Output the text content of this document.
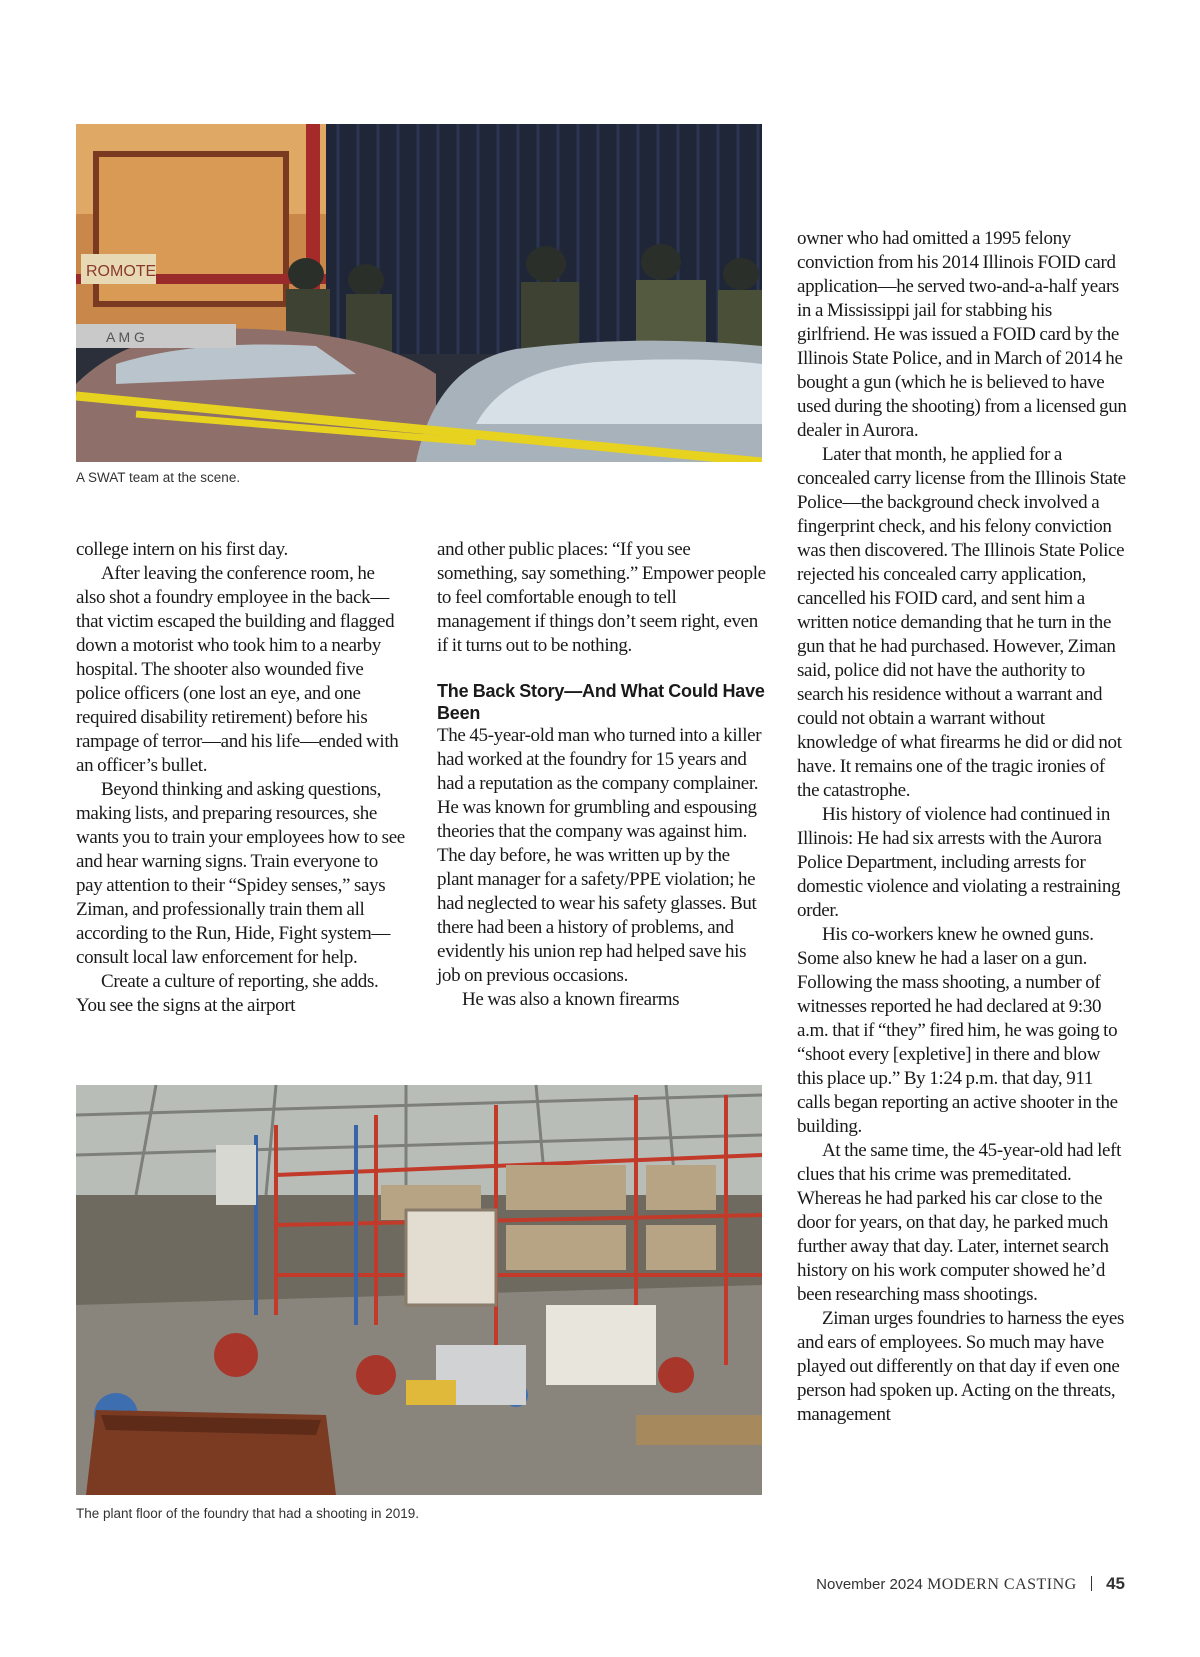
ROMOTE
A M G

A SWAT team at the scene.

college intern on his first day.

After leaving the conference room, he also shot a foundry employee in the back—that victim escaped the building and flagged down a motorist who took him to a nearby hospital. The shooter also wounded five police officers (one lost an eye, and one required disability retirement) before his rampage of terror—and his life—ended with an officer’s bullet.

Beyond thinking and asking questions, making lists, and preparing resources, she wants you to train your employees how to see and hear warning signs. Train everyone to pay attention to their “Spidey senses,” says Ziman, and professionally train them all according to the Run, Hide, Fight system—consult local law enforcement for help.

Create a culture of reporting, she adds. You see the signs at the airport

and other public places: “If you see something, say something.” Empower people to feel comfortable enough to tell management if things don’t seem right, even if it turns out to be nothing.

The Back Story—And What Could Have Been

The 45-year-old man who turned into a killer had worked at the foundry for 15 years and had a reputation as the company complainer. He was known for grumbling and espousing theories that the company was against him. The day before, he was written up by the plant manager for a safety/PPE violation; he had neglected to wear his safety glasses. But there had been a history of problems, and evidently his union rep had helped save his job on previous occasions.

He was also a known firearms

The plant floor of the foundry that had a shooting in 2019.

owner who had omitted a 1995 felony conviction from his 2014 Illinois FOID card application—he served two-and-a-half years in a Mississippi jail for stabbing his girlfriend. He was issued a FOID card by the Illinois State Police, and in March of 2014 he bought a gun (which he is believed to have used during the shooting) from a licensed gun dealer in Aurora.

Later that month, he applied for a concealed carry license from the Illinois State Police—the background check involved a fingerprint check, and his felony conviction was then discovered. The Illinois State Police rejected his concealed carry application, cancelled his FOID card, and sent him a written notice demanding that he turn in the gun that he had purchased. However, Ziman said, police did not have the authority to search his residence without a warrant and could not obtain a warrant without knowledge of what firearms he did or did not have. It remains one of the tragic ironies of the catastrophe.

His history of violence had continued in Illinois: He had six arrests with the Aurora Police Department, including arrests for domestic violence and violating a restraining order.

His co-workers knew he owned guns. Some also knew he had a laser on a gun. Following the mass shooting, a number of witnesses reported he had declared at 9:30 a.m. that if “they” fired him, he was going to “shoot every [expletive] in there and blow this place up.” By 1:24 p.m. that day, 911 calls began reporting an active shooter in the building.

At the same time, the 45-year-old had left clues that his crime was premeditated. Whereas he had parked his car close to the door for years, on that day, he parked much further away that day. Later, internet search history on his work computer showed he’d been researching mass shootings.

Ziman urges foundries to harness the eyes and ears of employees. So much may have played out differently on that day if even one person had spoken up. Acting on the threats, management

November 2024 MODERN CASTING 45
